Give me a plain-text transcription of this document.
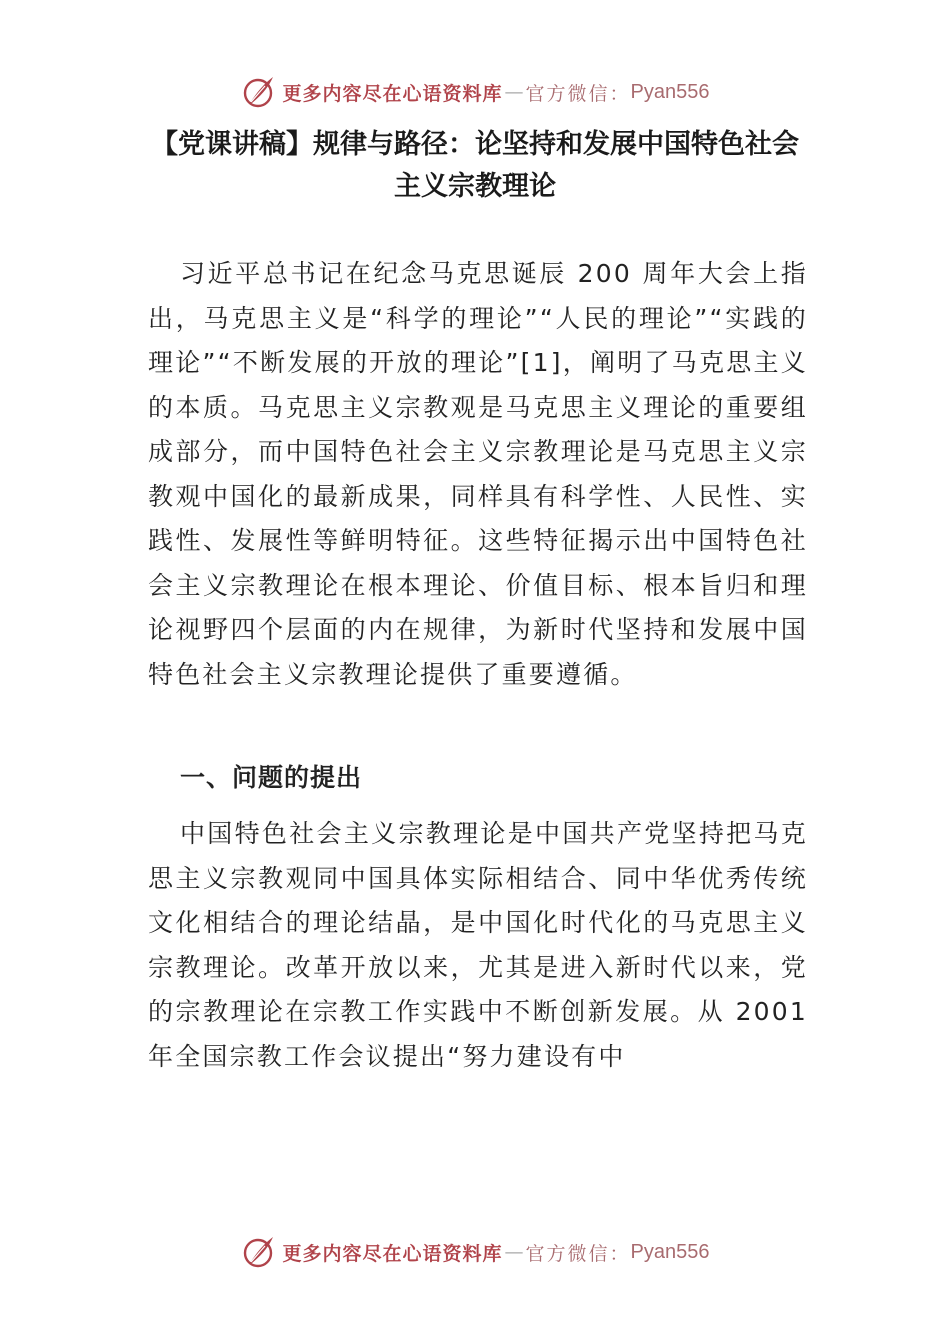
更多内容尽在心语资料库 — 官方微信： Pyan556
【党课讲稿】规律与路径：论坚持和发展中国特色社会
主义宗教理论

习近平总书记在纪念马克思诞辰 200 周年大会上指出，马克思主义是“科学的理论”“人民的理论”“实践的理论”“不断发展的开放的理论”[1]，阐明了马克思主义的本质。马克思主义宗教观是马克思主义理论的重要组成部分，而中国特色社会主义宗教理论是马克思主义宗教观中国化的最新成果，同样具有科学性、人民性、实践性、发展性等鲜明特征。这些特征揭示出中国特色社会主义宗教理论在根本理论、价值目标、根本旨归和理论视野四个层面的内在规律，为新时代坚持和发展中国特色社会主义宗教理论提供了重要遵循。

一、问题的提出

中国特色社会主义宗教理论是中国共产党坚持把马克思主义宗教观同中国具体实际相结合、同中华优秀传统文化相结合的理论结晶，是中国化时代化的马克思主义宗教理论。改革开放以来，尤其是进入新时代以来，党的宗教理论在宗教工作实践中不断创新发展。从 2001 年全国宗教工作会议提出“努力建设有中

更多内容尽在心语资料库 — 官方微信： Pyan556
